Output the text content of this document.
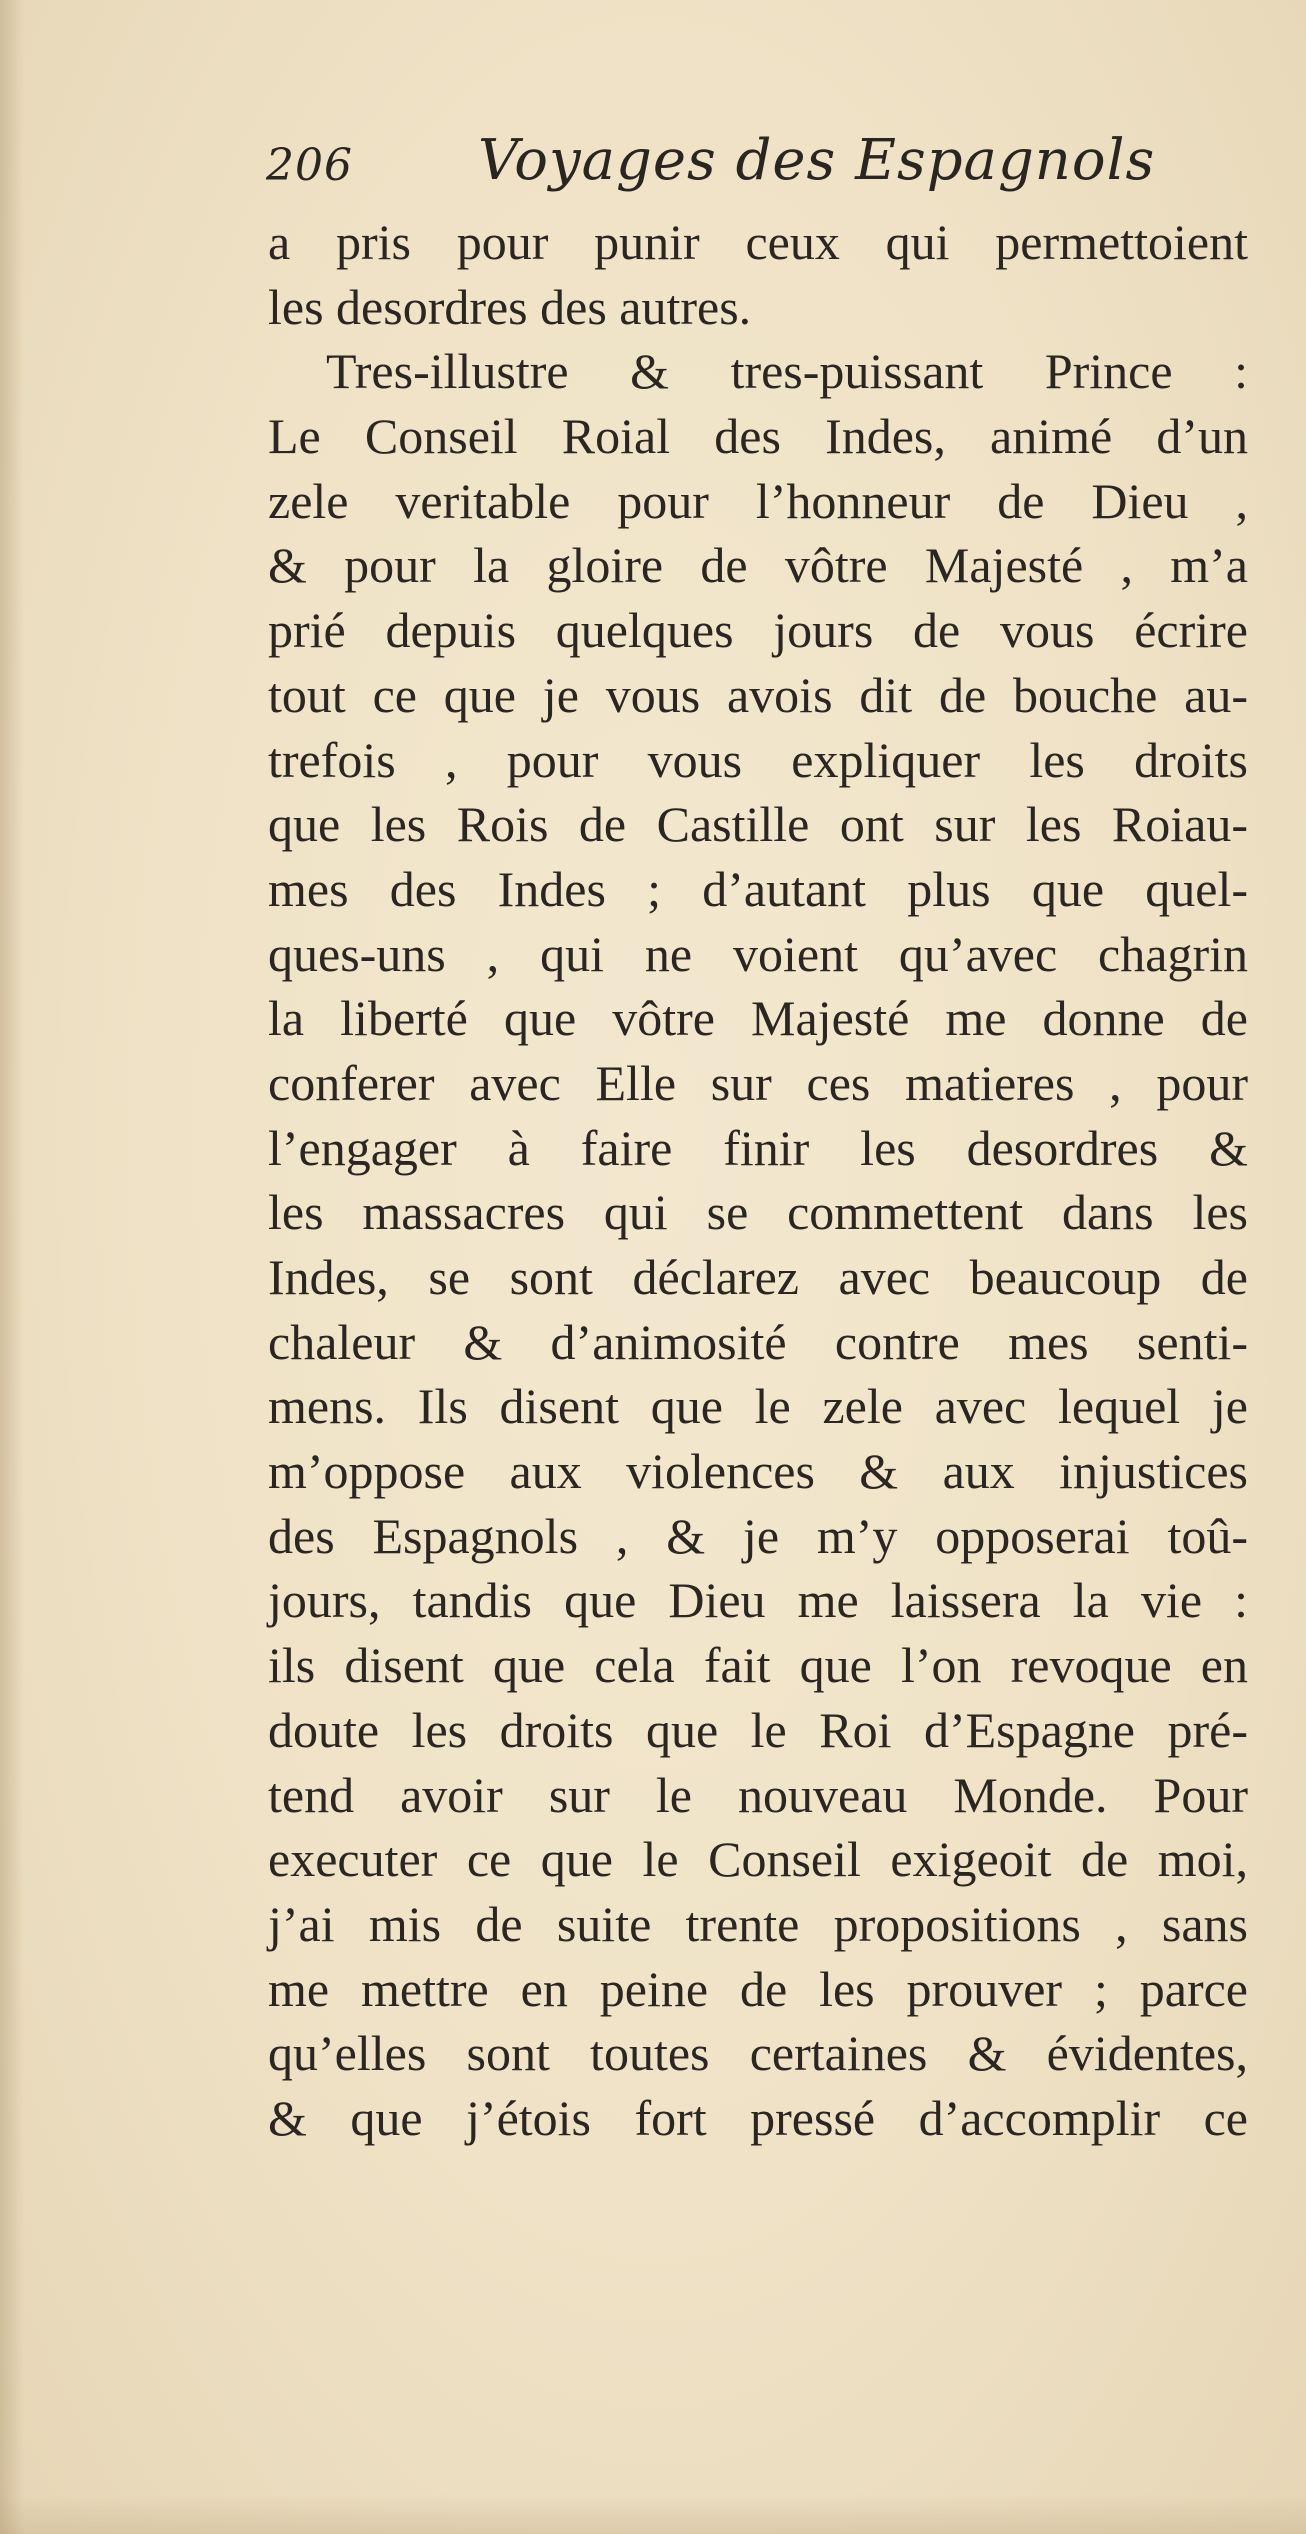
206 Voyages des Espagnols
a pris pour punir ceux qui permettoient
les desordres des autres.
Tres-illustre & tres-puissant Prince :
Le Conseil Roial des Indes, animé d’un
zele veritable pour l’honneur de Dieu ,
& pour la gloire de vôtre Majesté , m’a
prié depuis quelques jours de vous écrire
tout ce que je vous avois dit de bouche au-
trefois , pour vous expliquer les droits
que les Rois de Castille ont sur les Roiau-
mes des Indes ; d’autant plus que quel-
ques-uns , qui ne voient qu’avec chagrin
la liberté que vôtre Majesté me donne de
conferer avec Elle sur ces matieres , pour
l’engager à faire finir les desordres &
les massacres qui se commettent dans les
Indes, se sont déclarez avec beaucoup de
chaleur & d’animosité contre mes senti-
mens. Ils disent que le zele avec lequel je
m’oppose aux violences & aux injustices
des Espagnols , & je m’y opposerai toû-
jours, tandis que Dieu me laissera la vie :
ils disent que cela fait que l’on revoque en
doute les droits que le Roi d’Espagne pré-
tend avoir sur le nouveau Monde. Pour
executer ce que le Conseil exigeoit de moi,
j’ai mis de suite trente propositions , sans
me mettre en peine de les prouver ; parce
qu’elles sont toutes certaines & évidentes,
& que j’étois fort pressé d’accomplir ce
